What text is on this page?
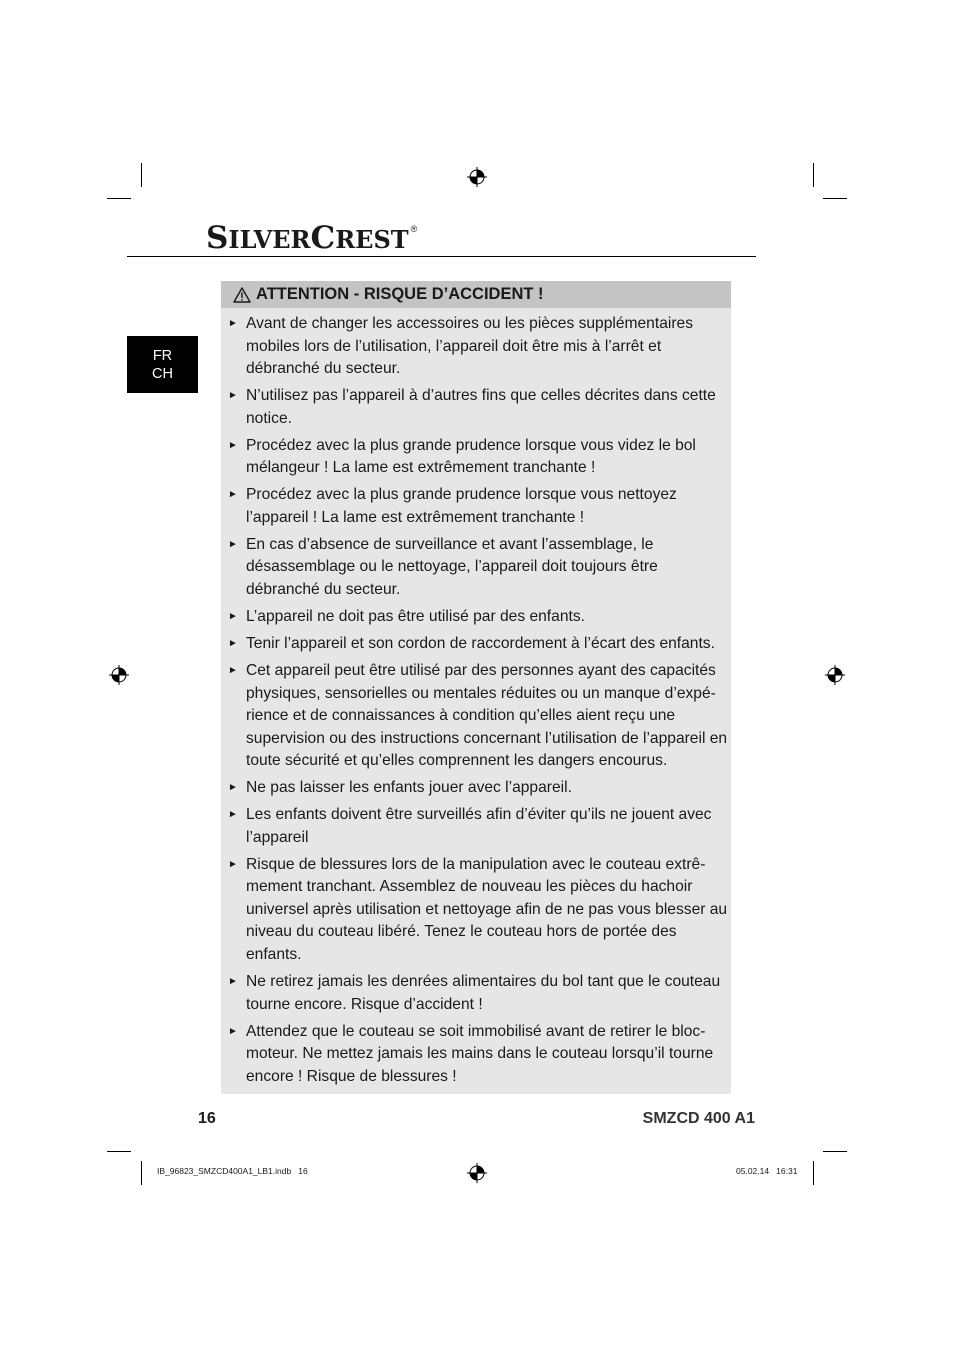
SILVERCREST ®
FR
CH
ATTENTION - RISQUE D’ACCIDENT !
► Avant de changer les accessoires ou les pièces supplémentaires mobiles lors de l’utilisation, l’appareil doit être mis à l’arrêt et débranché du secteur.
► N’utilisez pas l’appareil à d’autres fins que celles décrites dans cette notice.
► Procédez avec la plus grande prudence lorsque vous videz le bol mélangeur ! La lame est extrêmement tranchante !
► Procédez avec la plus grande prudence lorsque vous nettoyez l’appareil ! La lame est extrêmement tranchante !
► En cas d’absence de surveillance et avant l’assemblage, le désassemblage ou le nettoyage, l’appareil doit toujours être débranché du secteur.
► L’appareil ne doit pas être utilisé par des enfants.
► Tenir l’appareil et son cordon de raccordement à l’écart des enfants.
► Cet appareil peut être utilisé par des personnes ayant des capacités physiques, sensorielles ou mentales réduites ou un manque d’expérience et de connaissances à condition qu’elles aient reçu une supervision ou des instructions concernant l’utilisation de l’appareil en toute sécurité et qu’elles comprennent les dangers encourus.
► Ne pas laisser les enfants jouer avec l’appareil.
► Les enfants doivent être surveillés afin d’éviter qu’ils ne jouent avec l’appareil
► Risque de blessures lors de la manipulation avec le couteau extrêmement tranchant. Assemblez de nouveau les pièces du hachoir universel après utilisation et nettoyage afin de ne pas vous blesser au niveau du couteau libéré. Tenez le couteau hors de portée des enfants.
► Ne retirez jamais les denrées alimentaires du bol tant que le couteau tourne encore. Risque d’accident !
► Attendez que le couteau se soit immobilisé avant de retirer le bloc-moteur. Ne mettez jamais les mains dans le couteau lorsqu’il tourne encore ! Risque de blessures !
16	SMZCD 400 A1
IB_96823_SMZCD400A1_LB1.indb   16	05.02.14   16:31
